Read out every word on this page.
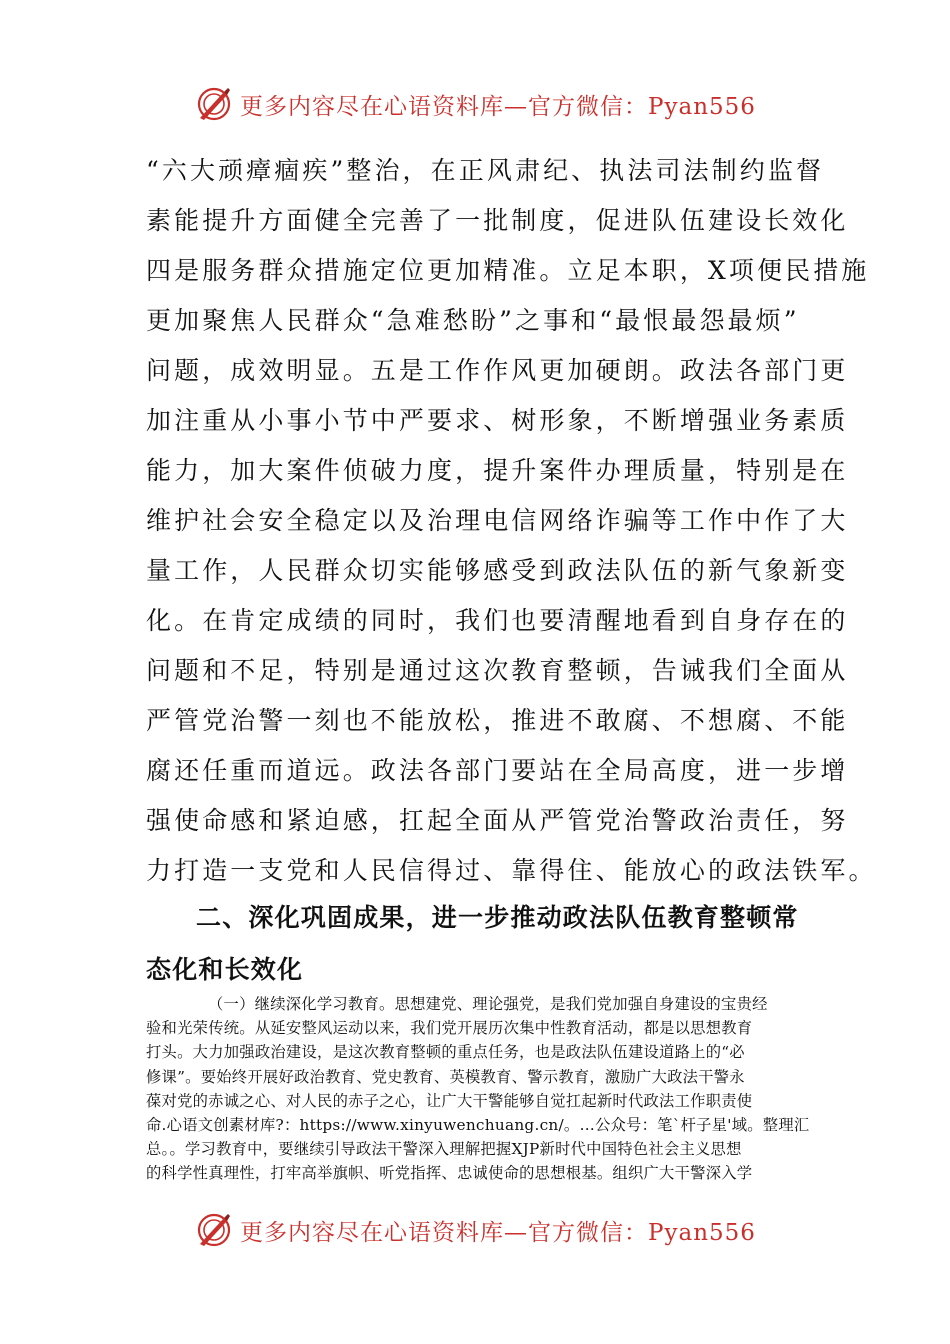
更多内容尽在心语资料库—官方微信：Pyan556
“六大顽瘴痼疾”整治，在正风肃纪、执法司法制约监督
素能提升方面健全完善了一批制度，促进队伍建设长效化
四是服务群众措施定位更加精准。立足本职，X项便民措施
更加聚焦人民群众“急难愁盼”之事和“最恨最怨最烦”
问题，成效明显。五是工作作风更加硬朗。政法各部门更
加注重从小事小节中严要求、树形象，不断增强业务素质
能力，加大案件侦破力度，提升案件办理质量，特别是在
维护社会安全稳定以及治理电信网络诈骗等工作中作了大
量工作，人民群众切实能够感受到政法队伍的新气象新变
化。在肯定成绩的同时，我们也要清醒地看到自身存在的
问题和不足，特别是通过这次教育整顿，告诫我们全面从
严管党治警一刻也不能放松，推进不敢腐、不想腐、不能
腐还任重而道远。政法各部门要站在全局高度，进一步增
强使命感和紧迫感，扛起全面从严管党治警政治责任，努
力打造一支党和人民信得过、靠得住、能放心的政法铁军。
二、深化巩固成果，进一步推动政法队伍教育整顿常
态化和长效化
（一）继续深化学习教育。思想建党、理论强党，是我们党加强自身建设的宝贵经
验和光荣传统。从延安整风运动以来，我们党开展历次集中性教育活动，都是以思想教育
打头。大力加强政治建设，是这次教育整顿的重点任务，也是政法队伍建设道路上的“必
修课”。要始终开展好政治教育、党史教育、英模教育、警示教育，激励广大政法干警永
葆对党的赤诚之心、对人民的赤子之心，让广大干警能够自觉扛起新时代政法工作职责使
命.心语文创素材库?：https://www.xinyuwenchuang.cn/。…公众号：笔`杆子星'域。整理汇
总。。学习教育中，要继续引导政法干警深入理解把握XJP新时代中国特色社会主义思想
的科学性真理性，打牢高举旗帜、听党指挥、忠诚使命的思想根基。组织广大干警深入学
更多内容尽在心语资料库—官方微信：Pyan556
